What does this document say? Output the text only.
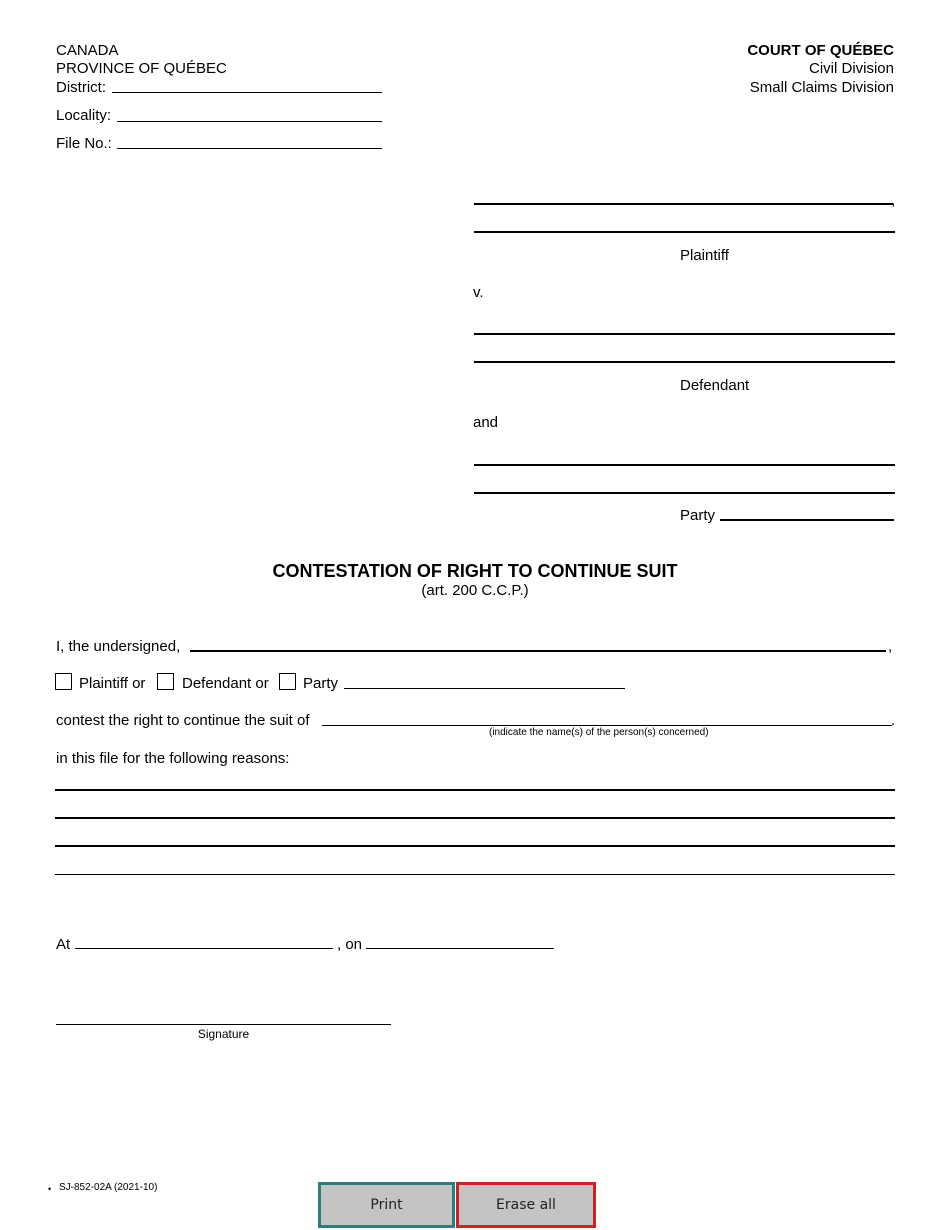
CANADA
PROVINCE OF QUÉBEC
District:
Locality:
File No.:
COURT OF QUÉBEC
Civil Division
Small Claims Division
,
Plaintiff
v.
Defendant
and
Party
CONTESTATION OF RIGHT TO CONTINUE SUIT
(art. 200 C.C.P.)
I, the undersigned,	,
Plaintiff or Defendant or Party
contest the right to continue the suit of	.
(indicate the name(s) of the person(s) concerned)
in this file for the following reasons:
At	, on
Signature
• SJ-852-02A (2021-10)
Print	Erase all
